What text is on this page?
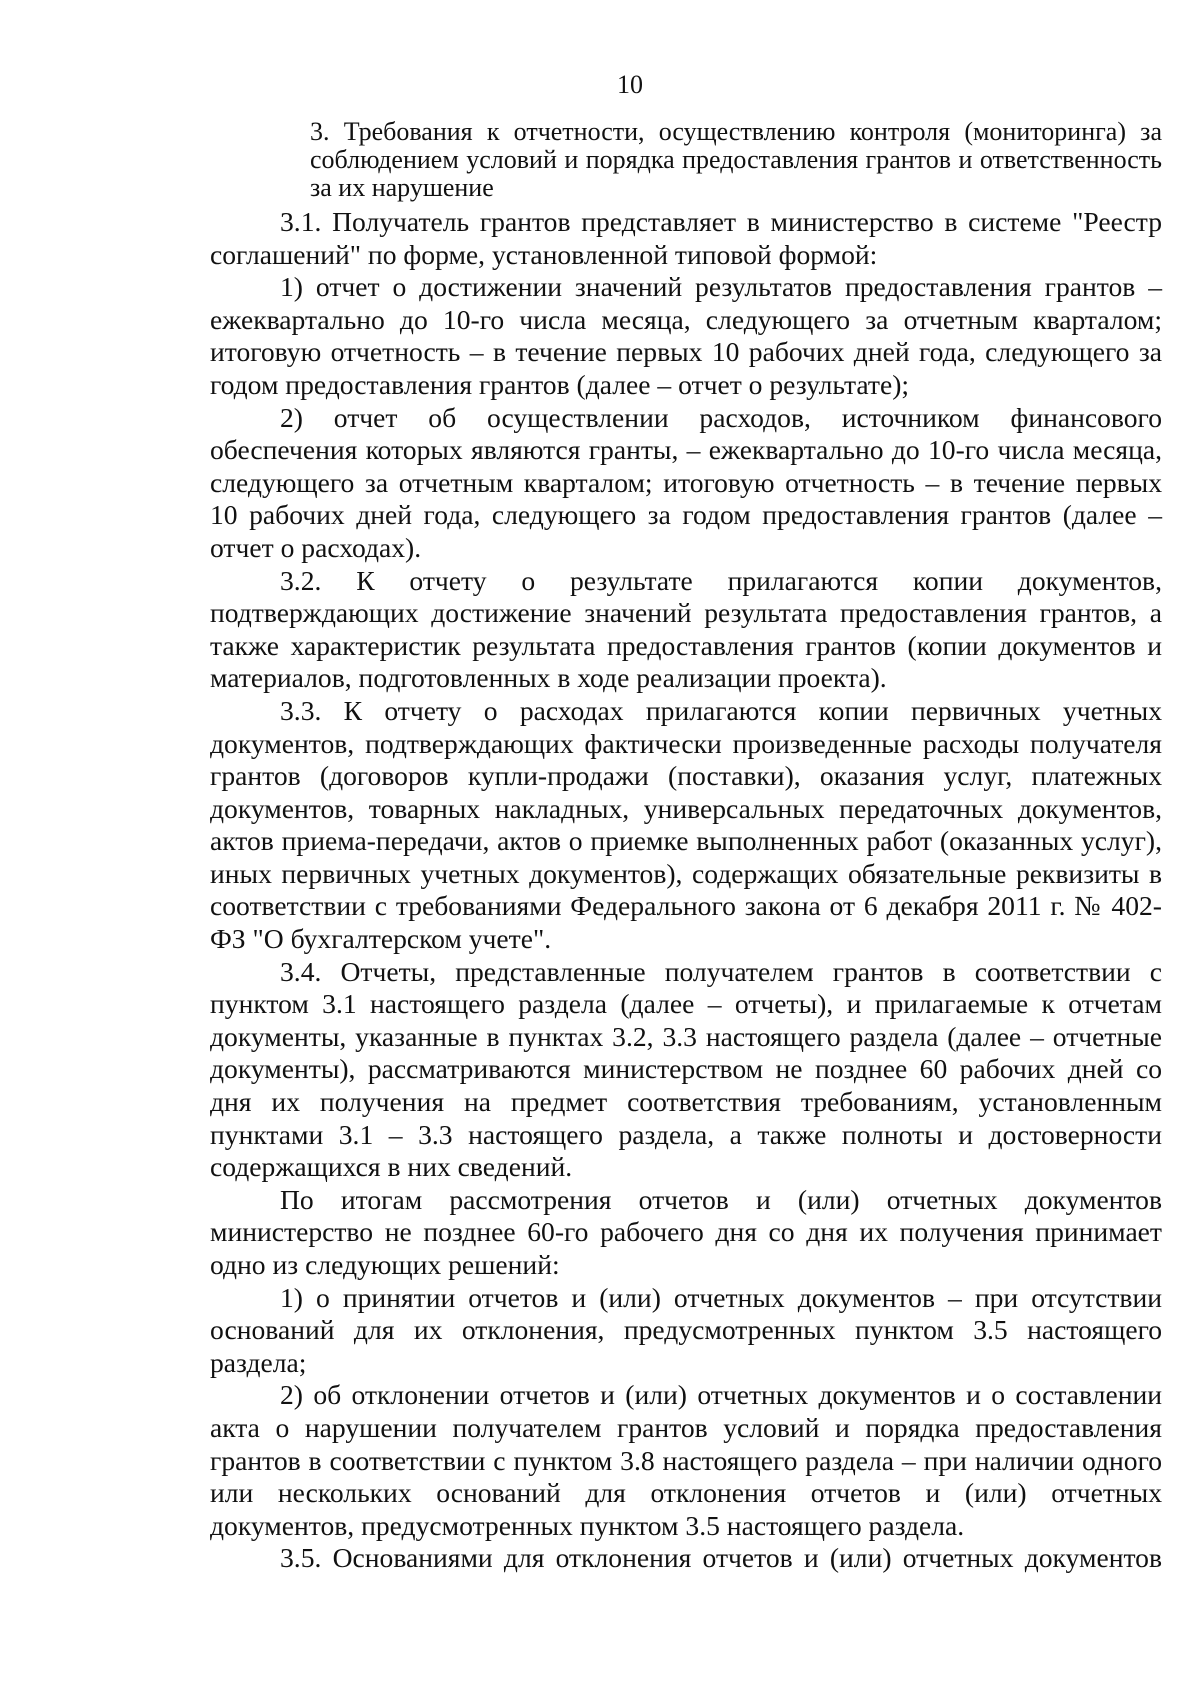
10
3. Требования к отчетности, осуществлению контроля (мониторинга) за соблюдением условий и порядка предоставления грантов и ответственность за их нарушение

3.1. Получатель грантов представляет в министерство в системе "Реестр соглашений" по форме, установленной типовой формой:

1) отчет о достижении значений результатов предоставления грантов – ежеквартально до 10-го числа месяца, следующего за отчетным кварталом; итоговую отчетность – в течение первых 10 рабочих дней года, следующего за годом предоставления грантов (далее – отчет о результате);

2) отчет об осуществлении расходов, источником финансового обеспечения которых являются гранты, – ежеквартально до 10-го числа месяца, следующего за отчетным кварталом; итоговую отчетность – в течение первых 10 рабочих дней года, следующего за годом предоставления грантов (далее – отчет о расходах).

3.2. К отчету о результате прилагаются копии документов, подтверждающих достижение значений результата предоставления грантов, а также характеристик результата предоставления грантов (копии документов и материалов, подготовленных в ходе реализации проекта).

3.3. К отчету о расходах прилагаются копии первичных учетных документов, подтверждающих фактически произведенные расходы получателя грантов (договоров купли-продажи (поставки), оказания услуг, платежных документов, товарных накладных, универсальных передаточных документов, актов приема-передачи, актов о приемке выполненных работ (оказанных услуг), иных первичных учетных документов), содержащих обязательные реквизиты в соответствии с требованиями Федерального закона от 6 декабря 2011 г. № 402-ФЗ "О бухгалтерском учете".

3.4. Отчеты, представленные получателем грантов в соответствии с пунктом 3.1 настоящего раздела (далее – отчеты), и прилагаемые к отчетам документы, указанные в пунктах 3.2, 3.3 настоящего раздела (далее – отчетные документы), рассматриваются министерством не позднее 60 рабочих дней со дня их получения на предмет соответствия требованиям, установленным пунктами 3.1 – 3.3 настоящего раздела, а также полноты и достоверности содержащихся в них сведений.

По итогам рассмотрения отчетов и (или) отчетных документов министерство не позднее 60-го рабочего дня со дня их получения принимает одно из следующих решений:

1) о принятии отчетов и (или) отчетных документов – при отсутствии оснований для их отклонения, предусмотренных пунктом 3.5 настоящего раздела;

2) об отклонении отчетов и (или) отчетных документов и о составлении акта о нарушении получателем грантов условий и порядка предоставления грантов в соответствии с пунктом 3.8 настоящего раздела – при наличии одного или нескольких оснований для отклонения отчетов и (или) отчетных документов, предусмотренных пунктом 3.5 настоящего раздела.

3.5. Основаниями для отклонения отчетов и (или) отчетных документов
